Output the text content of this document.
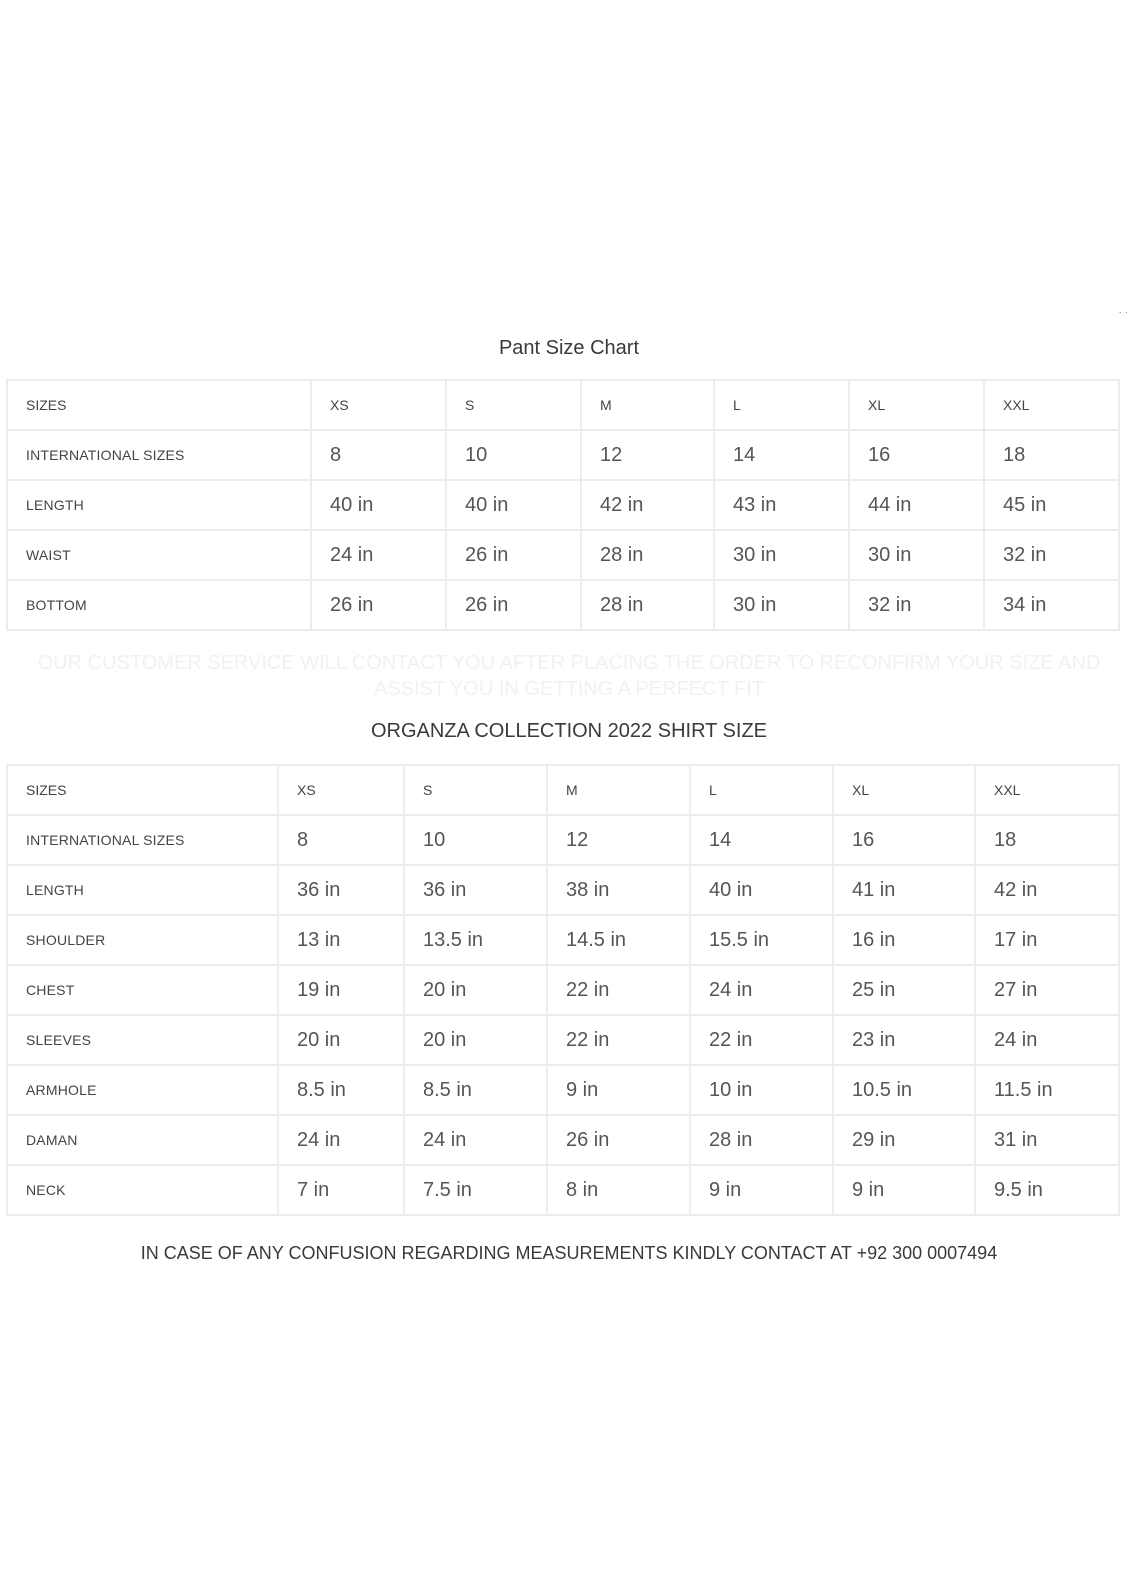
· ·
Pant Size Chart
SIZES	XS	S	M	L	XL	XXL
INTERNATIONAL SIZES	8	10	12	14	16	18
LENGTH	40 in	40 in	42 in	43 in	44 in	45 in
WAIST	24 in	26 in	28 in	30 in	30 in	32 in
BOTTOM	26 in	26 in	28 in	30 in	32 in	34 in

OUR CUSTOMER SERVICE WILL CONTACT YOU AFTER PLACING THE ORDER TO RECONFIRM YOUR SIZE AND

ASSIST YOU IN GETTING A PERFECT FIT

ORGANZA COLLECTION 2022 SHIRT SIZE
SIZES	XS	S	M	L	XL	XXL
INTERNATIONAL SIZES	8	10	12	14	16	18
LENGTH	36 in	36 in	38 in	40 in	41 in	42 in
SHOULDER	13 in	13.5 in	14.5 in	15.5 in	16 in	17 in
CHEST	19 in	20 in	22 in	24 in	25 in	27 in
SLEEVES	20 in	20 in	22 in	22 in	23 in	24 in
ARMHOLE	8.5 in	8.5 in	9 in	10 in	10.5 in	11.5 in
DAMAN	24 in	24 in	26 in	28 in	29 in	31 in
NECK	7 in	7.5 in	8 in	9 in	9 in	9.5 in
IN CASE OF ANY CONFUSION REGARDING MEASUREMENTS KINDLY CONTACT AT +92 300 0007494
